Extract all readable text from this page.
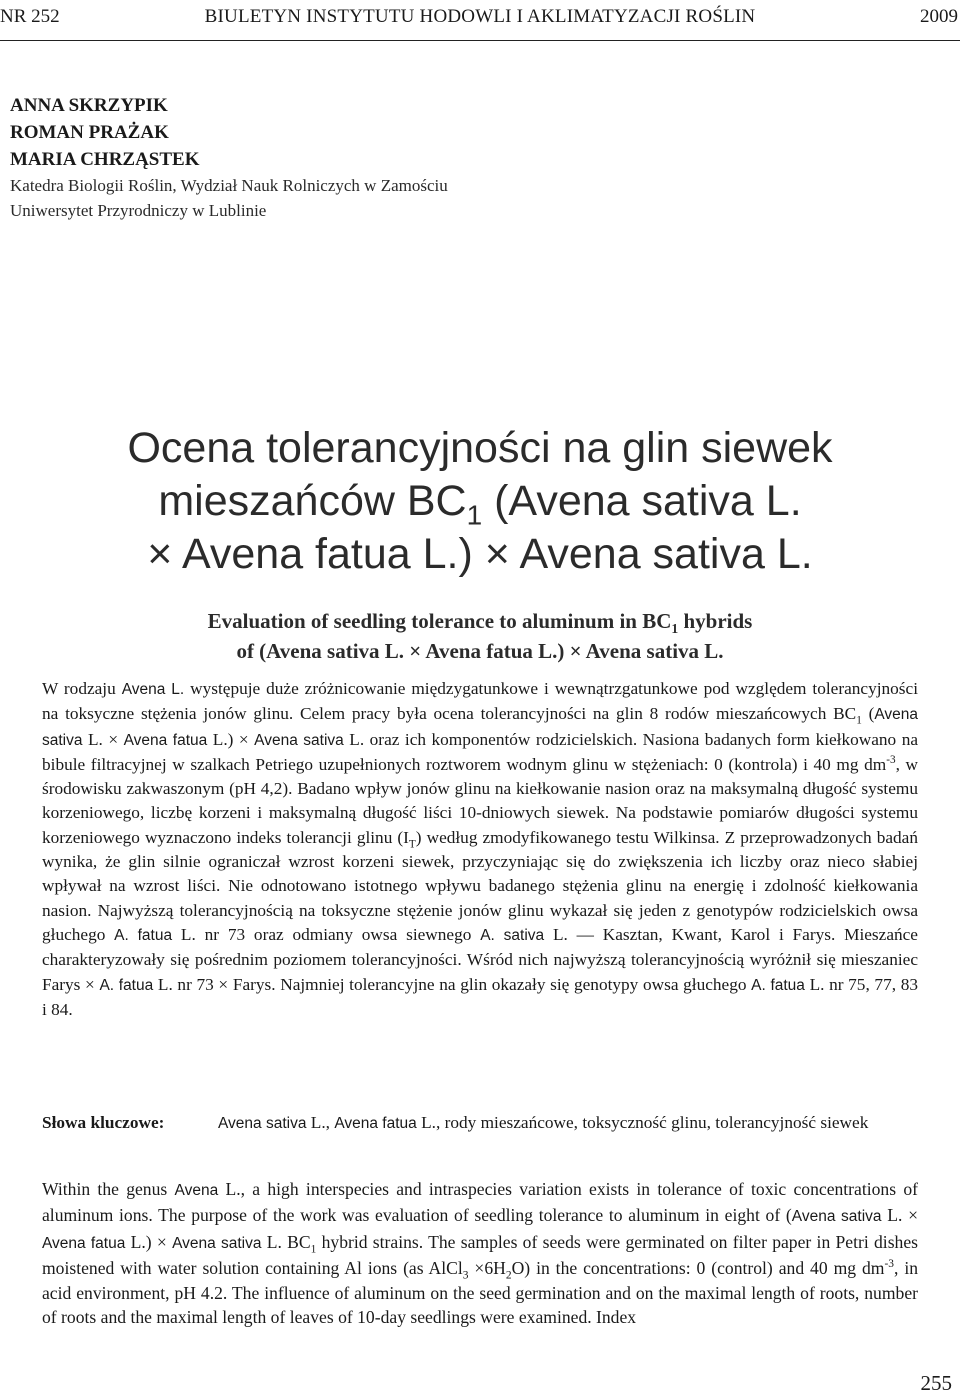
NR 252	BIULETYN INSTYTUTU HODOWLI I AKLIMATYZACJI ROŚLIN	2009
ANNA SKRZYPIK
ROMAN PRAŻAK
MARIA CHRZĄSTEK
Katedra Biologii Roślin, Wydział Nauk Rolniczych w Zamościu
Uniwersytet Przyrodniczy w Lublinie
Ocena tolerancyjności na glin siewek
mieszańców $BC_1$ (Avena sativa L.
× Avena fatua L.) × Avena sativa L.
Evaluation of seedling tolerance to aluminum in $BC_1$ hybrids
of (Avena sativa L. × Avena fatua L.) × Avena sativa L.
W rodzaju Avena L. występuje duże zróżnicowanie międzygatunkowe i wewnątrzgatunkowe pod względem tolerancyjności na toksyczne stężenia jonów glinu. Celem pracy była ocena tolerancyjności na glin 8 rodów mieszańcowych $BC_1$ (Avena sativa L. × Avena fatua L.) × Avena sativa L. oraz ich komponentów rodzicielskich. Nasiona badanych form kiełkowano na bibule filtracyjnej w szalkach Petriego uzupełnionych roztworem wodnym glinu w stężeniach: 0 (kontrola) i 40 mg $dm^{-3}$, w środowisku zakwaszonym (pH 4,2). Badano wpływ jonów glinu na kiełkowanie nasion oraz na maksymalną długość systemu korzeniowego, liczbę korzeni i maksymalną długość liści 10-dniowych siewek. Na podstawie pomiarów długości systemu korzeniowego wyznaczono indeks tolerancji glinu $(I_T)$ według zmodyfikowanego testu Wilkinsa. Z przeprowadzonych badań wynika, że glin silnie ograniczał wzrost korzeni siewek, przyczyniając się do zwiększenia ich liczby oraz nieco słabiej wpływał na wzrost liści. Nie odnotowano istotnego wpływu badanego stężenia glinu na energię i zdolność kiełkowania nasion. Najwyższą tolerancyjnością na toksyczne stężenie jonów glinu wykazał się jeden z genotypów rodzicielskich owsa głuchego A. fatua L. nr 73 oraz odmiany owsa siewnego A. sativa L. — Kasztan, Kwant, Karol i Farys. Mieszańce charakteryzowały się pośrednim poziomem tolerancyjności. Wśród nich najwyższą tolerancyjnością wyróżnił się mieszaniec Farys × A. fatua L. nr 73 × Farys. Najmniej tolerancyjne na glin okazały się genotypy owsa głuchego A. fatua L. nr 75, 77, 83 i 84.
Słowa kluczowe:	Avena sativa L., Avena fatua L., rody mieszańcowe, toksyczność glinu, tolerancyjność siewek
Within the genus Avena L., a high interspecies and intraspecies variation exists in tolerance of toxic concentrations of aluminum ions. The purpose of the work was evaluation of seedling tolerance to aluminum in eight of (Avena sativa L. × Avena fatua L.) × Avena sativa L. $BC_1$ hybrid strains. The samples of seeds were germinated on filter paper in Petri dishes moistened with water solution containing Al ions (as AlCl$_3$ $\times 6H_2O$) in the concentrations: 0 (control) and 40 mg $dm^{-3}$, in acid environment, pH 4.2. The influence of aluminum on the seed germination and on the maximal length of roots, number of roots and the maximal length of leaves of 10-day seedlings were examined. Index
255
